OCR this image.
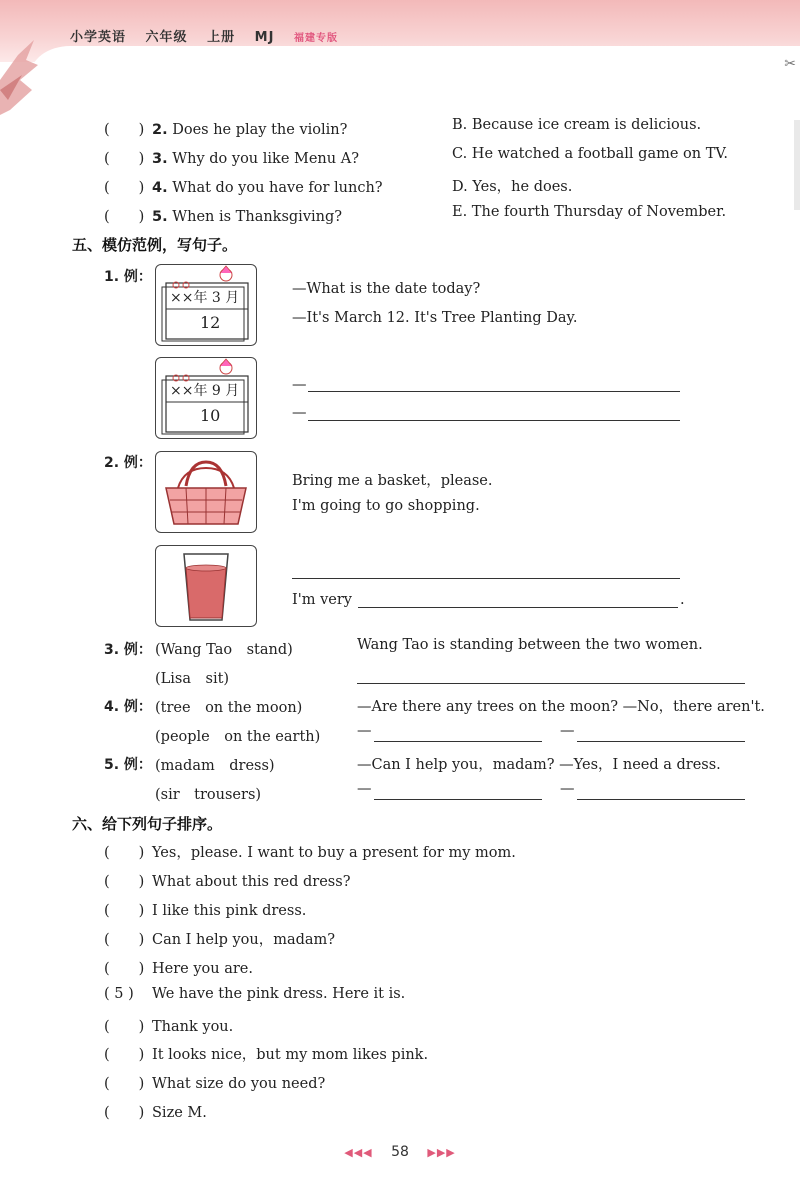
小学英语 六年级 上册 MJ 福建专版
✂
(　　) 2. Does he play the violin?	B. Because ice cream is delicious.
(　　) 3. Why do you like Menu A?	C. He watched a football game on TV.
(　　) 4. What do you have for lunch?	D. Yes，he does.
(　　) 5. When is Thanksgiving?	E. The fourth Thursday of November.
五、模仿范例，写句子。
1. 例：
××年 3 月
12
—What is the date today?
—It's March 12. It's Tree Planting Day.
××年 9 月
10
—
—
2. 例：
Bring me a basket，please.
I'm going to go shopping.
I'm very	.
3. 例： (Wang Tao　stand)	Wang Tao is standing between the two women.
(Lisa　sit)
4. 例： (tree　on the moon)	—Are there any trees on the moon? —No，there aren't.
(people　on the earth)	—	—
5. 例： (madam　dress)	—Can I help you，madam? —Yes，I need a dress.
(sir　trousers)	—	—
六、给下列句子排序。
(　　) Yes，please. I want to buy a present for my mom.
(　　) What about this red dress?
(　　) I like this pink dress.
(　　) Can I help you，madam?
(　　) Here you are.
( 5 ) We have the pink dress. Here it is.
(　　) Thank you.
(　　) It looks nice，but my mom likes pink.
(　　) What size do you need?
(　　) Size M.
◀◀◀ 58 ▶▶▶
